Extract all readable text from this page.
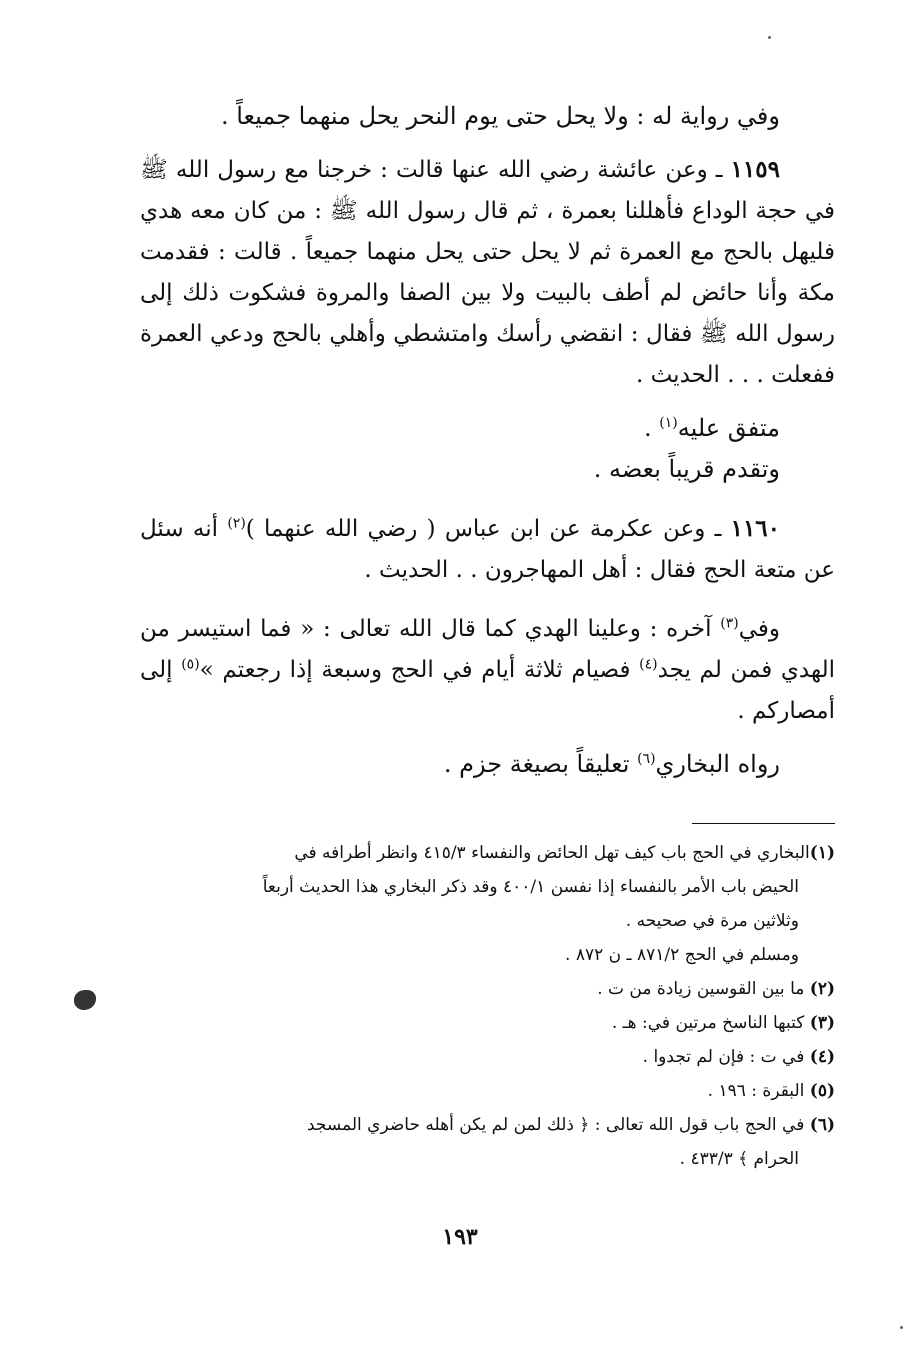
وفي رواية له : ولا يحل حتى يوم النحر يحل منهما جميعاً .

١١٥٩ ـ وعن عائشة رضي الله عنها قالت : خرجنا مع رسول الله ﷺ في حجة الوداع فأهللنا بعمرة ، ثم قال رسول الله ﷺ : من كان معه هدي فليهل بالحج مع العمرة ثم لا يحل حتى يحل منهما جميعاً . قالت : فقدمت مكة وأنا حائض لم أطف بالبيت ولا بين الصفا والمروة فشكوت ذلك إلى رسول الله ﷺ فقال : انقضي رأسك وامتشطي وأهلي بالحج ودعي العمرة ففعلت . . . الحديث .

متفق عليه$^{(١)}$ .

وتقدم قريباً بعضه .

١١٦٠ ـ وعن عكرمة عن ابن عباس ( رضي الله عنهما )$^{(٢)}$ أنه سئل عن متعة الحج فقال : أهل المهاجرون . . الحديث .

وفي$^{(٣)}$ آخره : وعلينا الهدي كما قال الله تعالى : « فما استيسر من الهدي فمن لم يجد$^{(٤)}$ فصيام ثلاثة أيام في الحج وسبعة إذا رجعتم »$^{(٥)}$ إلى أمصاركم .

رواه البخاري$^{(٦)}$ تعليقاً بصيغة جزم .

(١)البخاري في الحج باب كيف تهل الحائض والنفساء ٤١٥/٣ وانظر أطرافه في

الحيض باب الأمر بالنفساء إذا نفسن ٤٠٠/١ وقد ذكر البخاري هذا الحديث أربعاً

وثلاثين مرة في صحيحه .

ومسلم في الحج ٨٧١/٢ ـ ن ٨٧٢ .

(٢) ما بين القوسين زيادة من ت .

(٣) كتبها الناسخ مرتين في: هـ .

(٤) في ت : فإن لم تجدوا .

(٥) البقرة : ١٩٦ .

(٦) في الحج باب قول الله تعالى : ﴿ ذلك لمن لم يكن أهله حاضري المسجد

الحرام ﴾ ٤٣٣/٣ .

١٩٣
